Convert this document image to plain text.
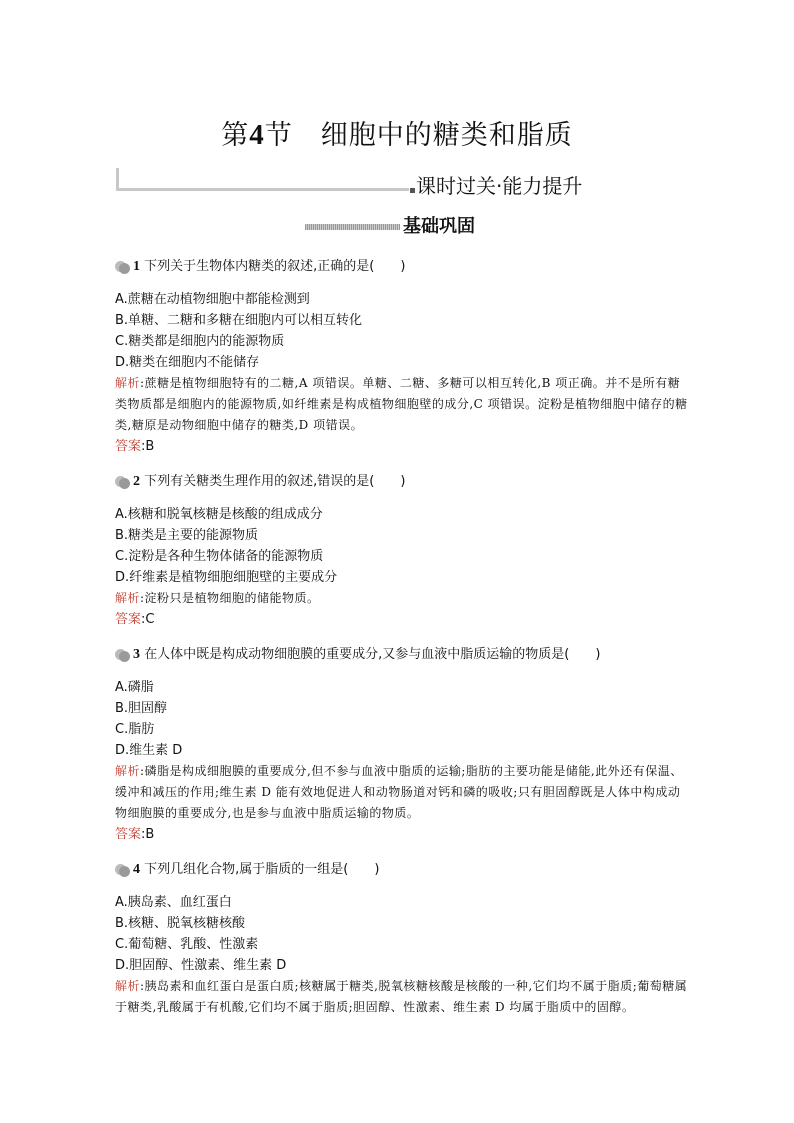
第4节　细胞中的糖类和脂质
课时过关·能力提升
基础巩固
1 下列关于生物体内糖类的叙述,正确的是(　　)
A.蔗糖在动植物细胞中都能检测到
B.单糖、二糖和多糖在细胞内可以相互转化
C.糖类都是细胞内的能源物质
D.糖类在细胞内不能储存
解析:蔗糖是植物细胞特有的二糖,A 项错误。单糖、二糖、多糖可以相互转化,B 项正确。并不是所有糖类物质都是细胞内的能源物质,如纤维素是构成植物细胞壁的成分,C 项错误。淀粉是植物细胞中储存的糖类,糖原是动物细胞中储存的糖类,D 项错误。
答案:B
2 下列有关糖类生理作用的叙述,错误的是(　　)
A.核糖和脱氧核糖是核酸的组成成分
B.糖类是主要的能源物质
C.淀粉是各种生物体储备的能源物质
D.纤维素是植物细胞细胞壁的主要成分
解析:淀粉只是植物细胞的储能物质。
答案:C
3 在人体中既是构成动物细胞膜的重要成分,又参与血液中脂质运输的物质是(　　)
A.磷脂
B.胆固醇
C.脂肪
D.维生素 D
解析:磷脂是构成细胞膜的重要成分,但不参与血液中脂质的运输;脂肪的主要功能是储能,此外还有保温、缓冲和减压的作用;维生素 D 能有效地促进人和动物肠道对钙和磷的吸收;只有胆固醇既是人体中构成动物细胞膜的重要成分,也是参与血液中脂质运输的物质。
答案:B
4 下列几组化合物,属于脂质的一组是(　　)
A.胰岛素、血红蛋白
B.核糖、脱氧核糖核酸
C.葡萄糖、乳酸、性激素
D.胆固醇、性激素、维生素 D
解析:胰岛素和血红蛋白是蛋白质;核糖属于糖类,脱氧核糖核酸是核酸的一种,它们均不属于脂质;葡萄糖属于糖类,乳酸属于有机酸,它们均不属于脂质;胆固醇、性激素、维生素 D 均属于脂质中的固醇。
